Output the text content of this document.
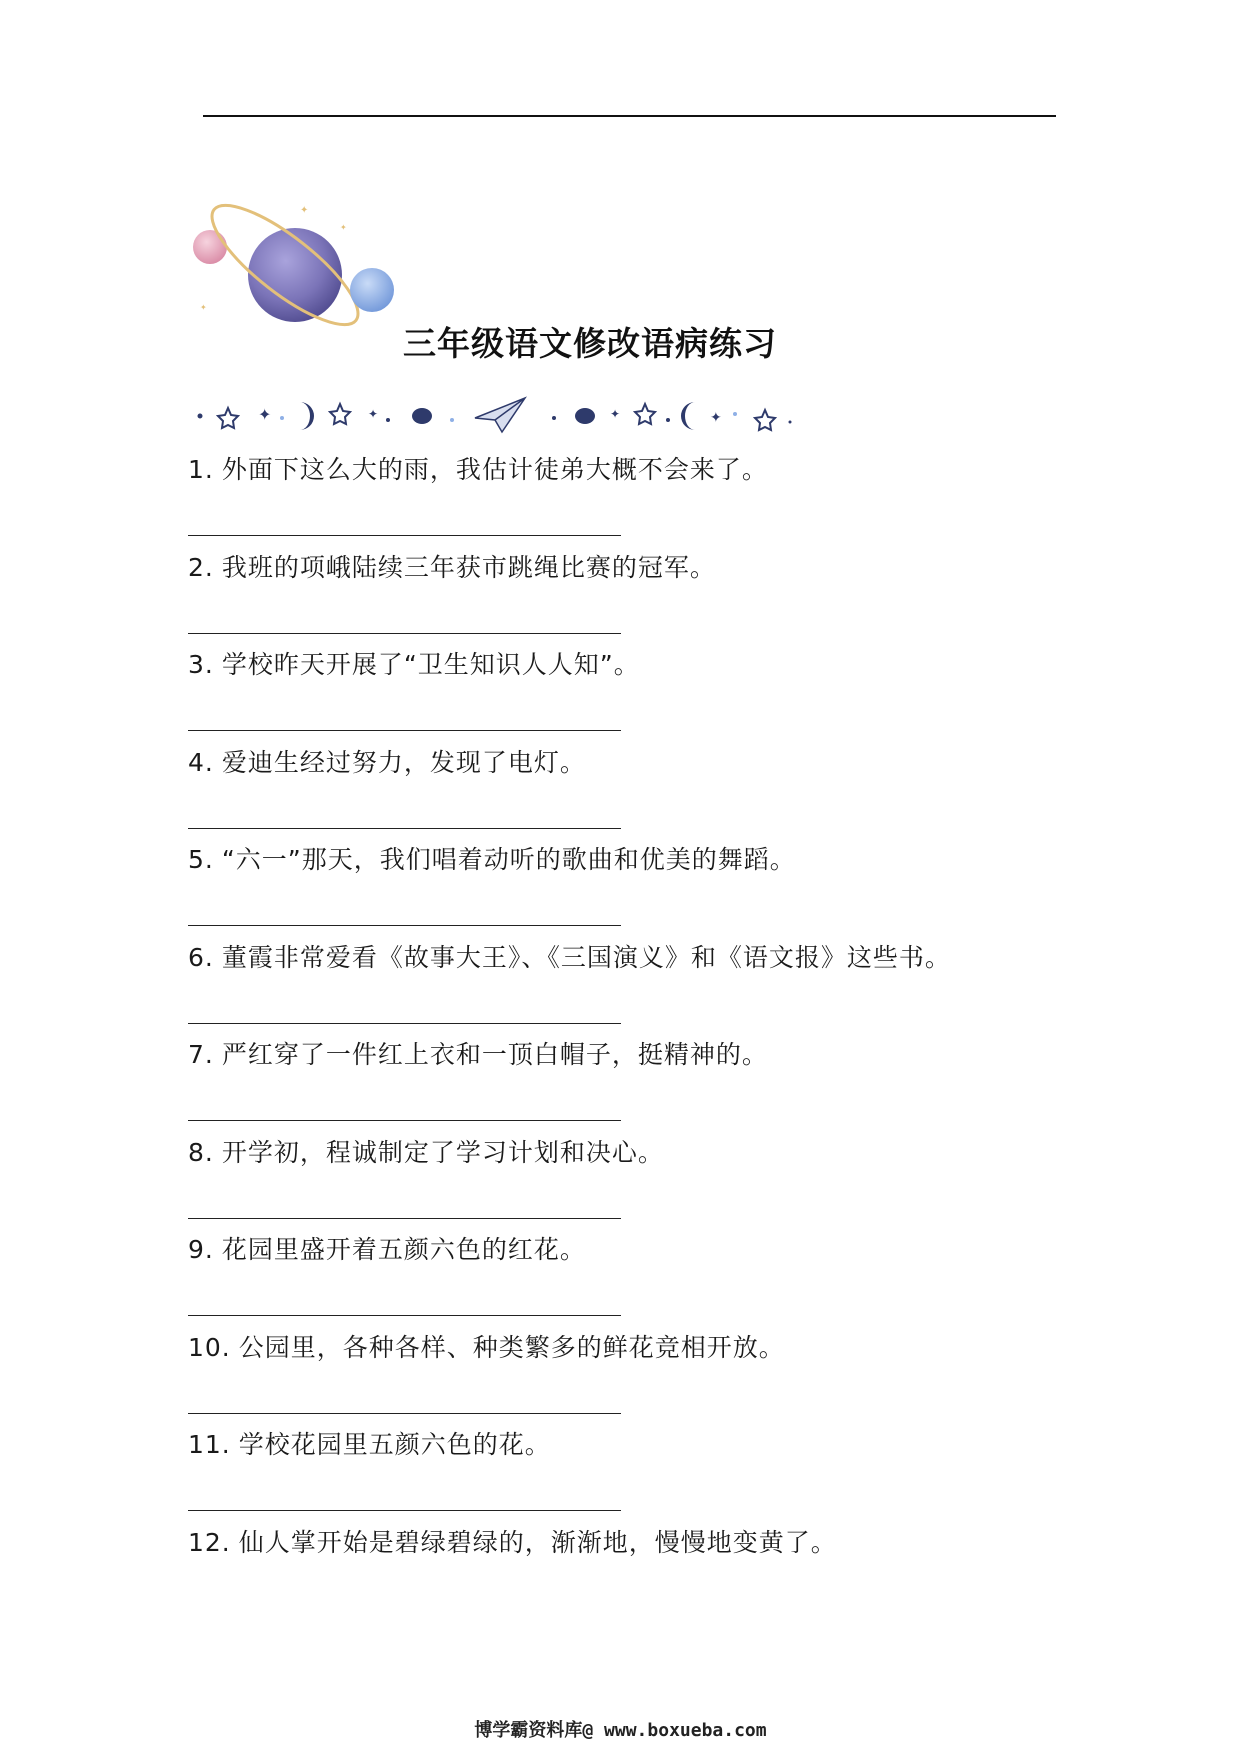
✦
✦
✦
三年级语文修改语病练习
✦	✦	✦	✦
1. 外面下这么大的雨，我估计徒弟大概不会来了。
2. 我班的项峨陆续三年获市跳绳比赛的冠军。
3. 学校昨天开展了“卫生知识人人知”。
4. 爱迪生经过努力，发现了电灯。
5. “六一”那天，我们唱着动听的歌曲和优美的舞蹈。
6. 董霞非常爱看《故事大王》、《三国演义》和《语文报》这些书。
7. 严红穿了一件红上衣和一顶白帽子，挺精神的。
8. 开学初，程诚制定了学习计划和决心。
9. 花园里盛开着五颜六色的红花。
10. 公园里，各种各样、种类繁多的鲜花竞相开放。
11. 学校花园里五颜六色的花。
12. 仙人掌开始是碧绿碧绿的，渐渐地，慢慢地变黄了。
博学霸资料库@ www.boxueba.com
